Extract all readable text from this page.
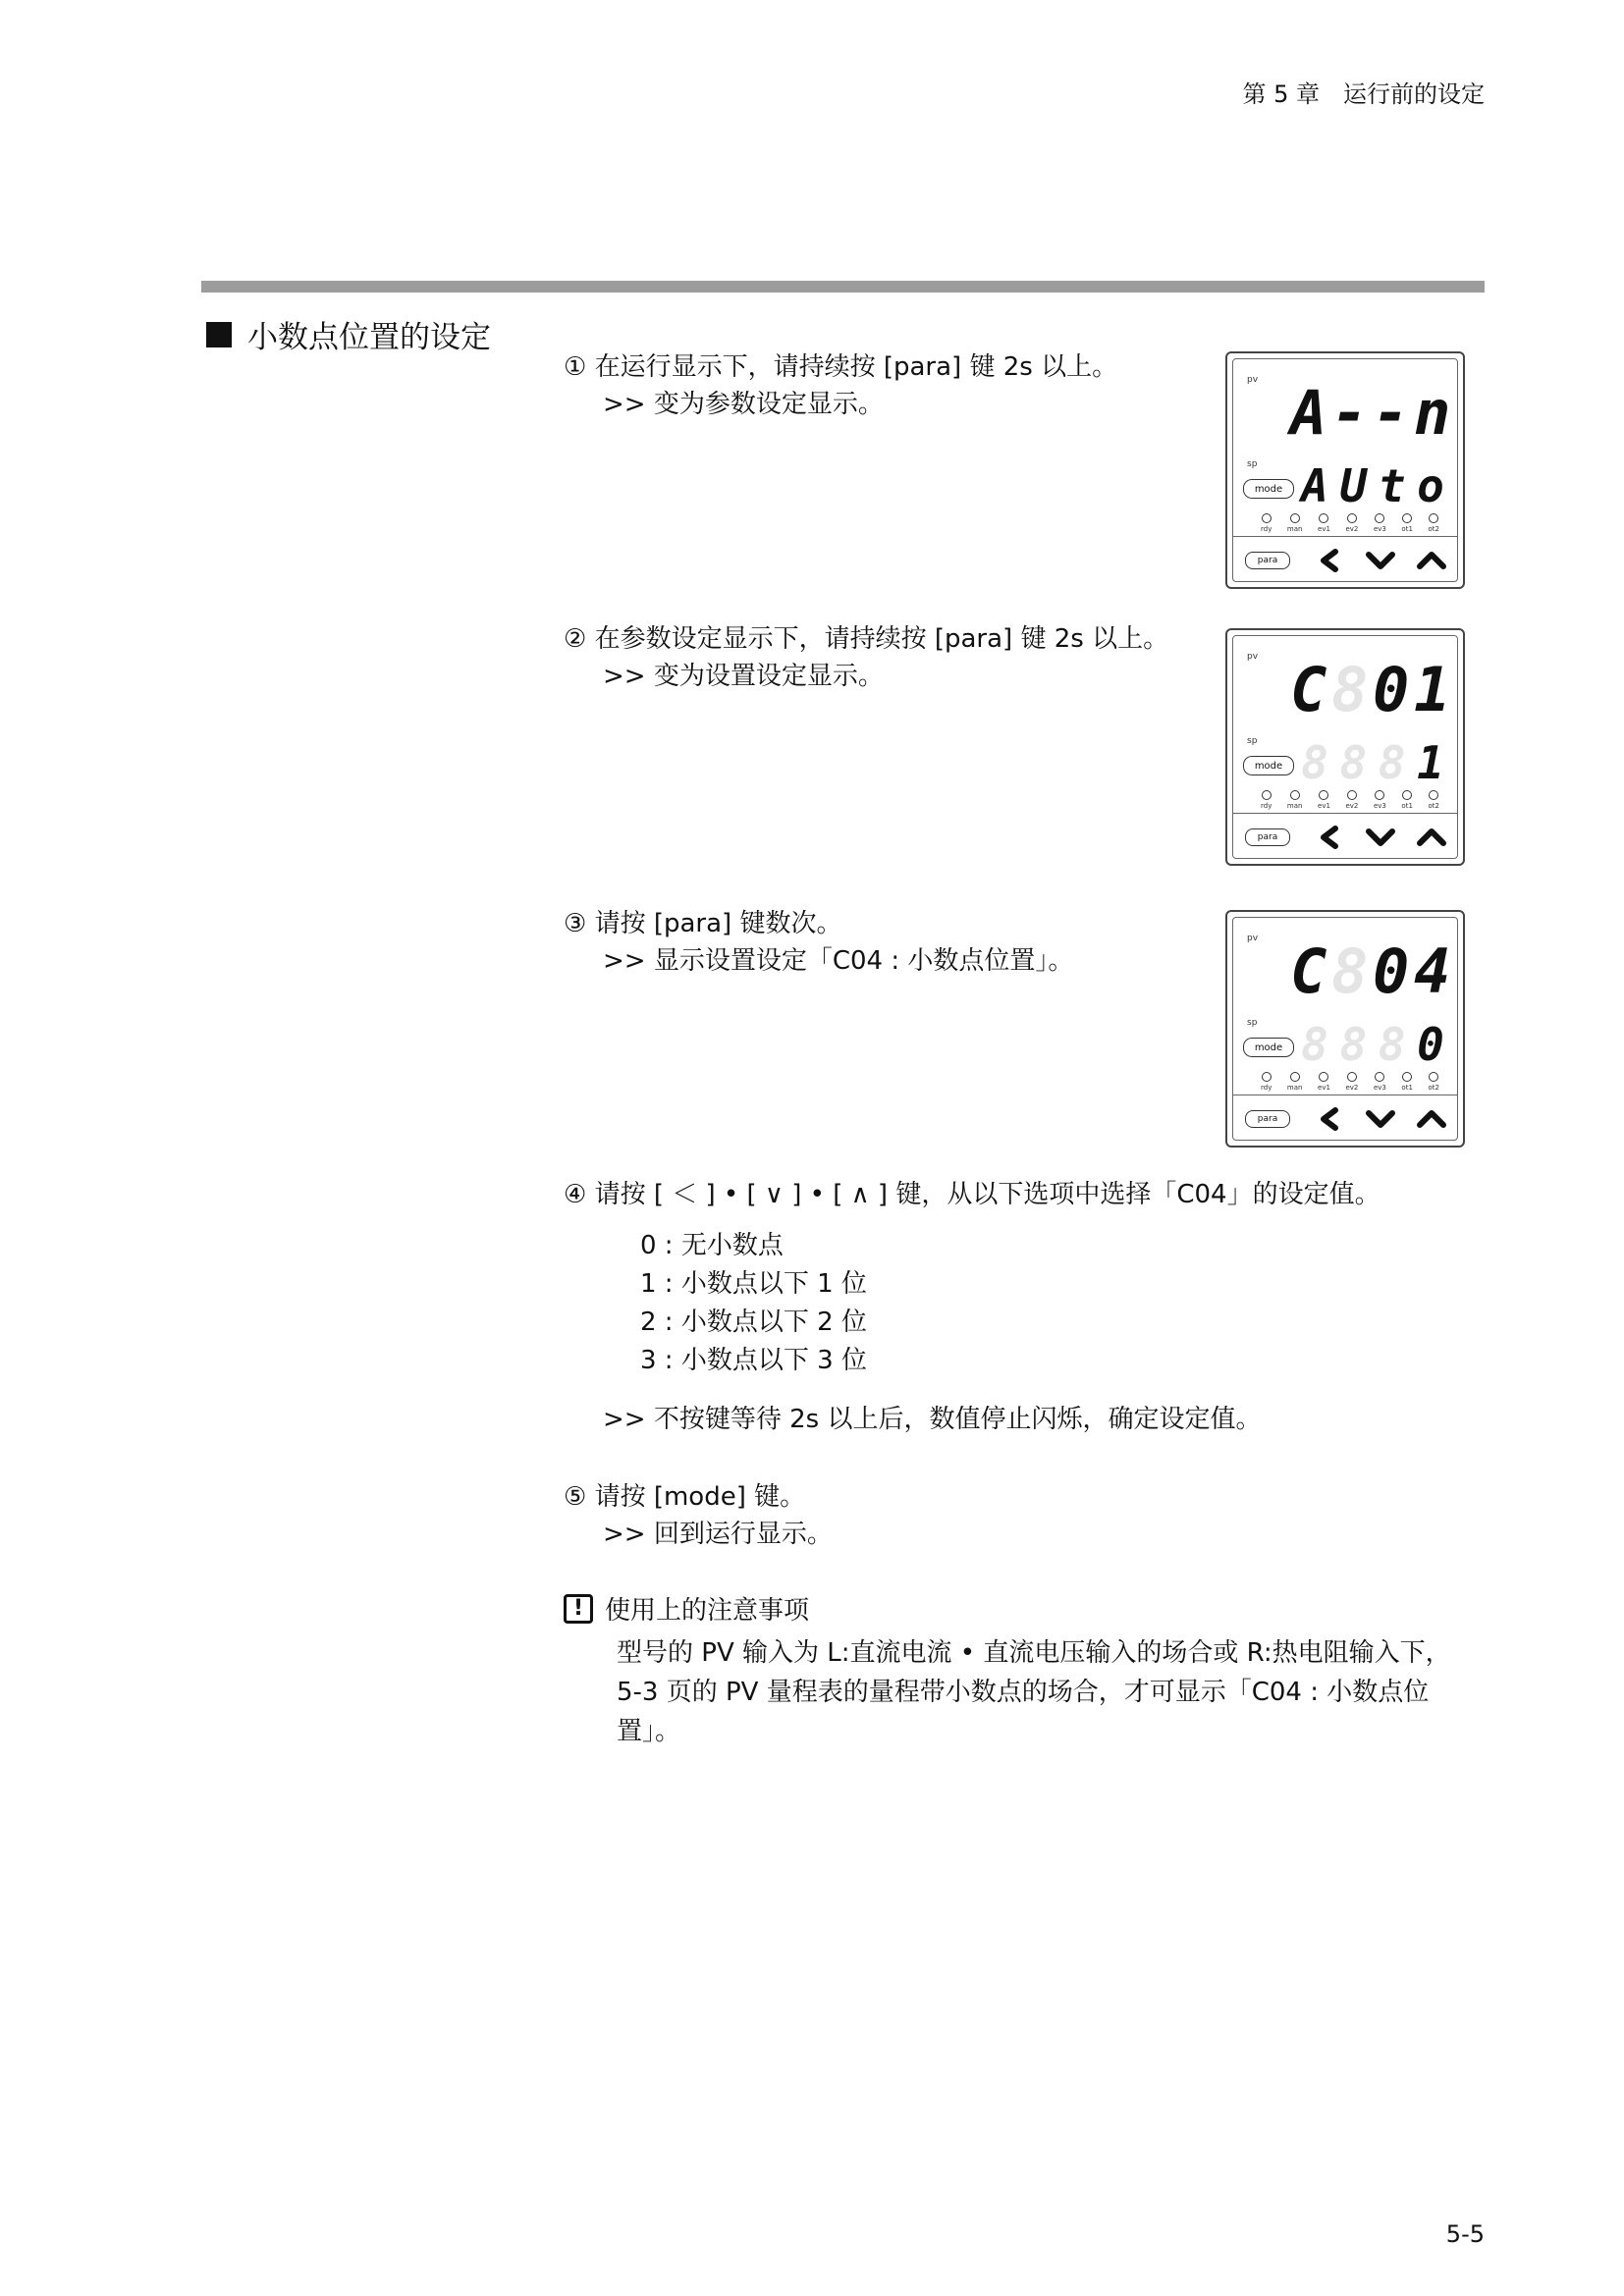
第 5 章　运行前的设定
小数点位置的设定
① 在运行显示下，请持续按 [para] 键 2s 以上。
>> 变为参数设定显示。
② 在参数设定显示下，请持续按 [para] 键 2s 以上。
>> 变为设置设定显示。
③ 请按 [para] 键数次。
>> 显示设置设定「C04 : 小数点位置」。
④ 请按 [ ＜ ] • [ ∨ ] • [ ∧ ] 键，从以下选项中选择「C04」的设定值。
0 : 无小数点
1 : 小数点以下 1 位
2 : 小数点以下 2 位
3 : 小数点以下 3 位
>> 不按键等待 2s 以上后，数值停止闪烁，确定设定值。
⑤ 请按 [mode] 键。
>> 回到运行显示。
! 使用上的注意事项
型号的 PV 输入为 L:直流电流 • 直流电压输入的场合或 R:热电阻输入下，
5-3 页的 PV 量程表的量程带小数点的场合，才可显示「C04 : 小数点位
置」。
pv A - - n
sp
mode A U t o
rdy man ev1 ev2 ev3 ot1 ot2
para
pv C 8 0 1
sp
mode 8 8 8 1
rdy man ev1 ev2 ev3 ot1 ot2
para
pv C 8 0 4
sp
mode 8 8 8 0
rdy man ev1 ev2 ev3 ot1 ot2
para
5-5
